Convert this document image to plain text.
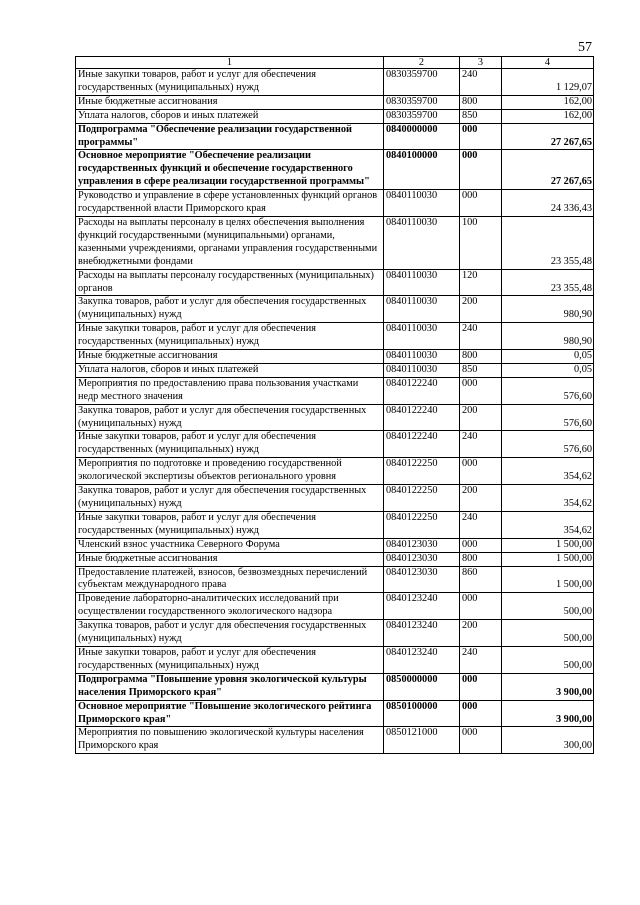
57
1	2	3	4
Иные закупки товаров, работ и услуг для обеспечения государственных (муниципальных) нужд	0830359700	240	1 129,07
Иные бюджетные ассигнования	0830359700	800	162,00
Уплата налогов, сборов и иных платежей	0830359700	850	162,00
Подпрограмма "Обеспечение реализации государственной программы"	0840000000	000	27 267,65
Основное мероприятие "Обеспечение реализации государственных функций и обеспечение государственного управления в сфере реализации государственной программы"	0840100000	000	27 267,65
Руководство и управление в сфере установленных функций органов государственной власти Приморского края	0840110030	000	24 336,43
Расходы на выплаты персоналу в целях обеспечения выполнения функций государственными (муниципальными) органами, казенными учреждениями, органами управления государственными внебюджетными фондами	0840110030	100	23 355,48
Расходы на выплаты персоналу государственных (муниципальных) органов	0840110030	120	23 355,48
Закупка товаров, работ и услуг для обеспечения государственных (муниципальных) нужд	0840110030	200	980,90
Иные закупки товаров, работ и услуг для обеспечения государственных (муниципальных) нужд	0840110030	240	980,90
Иные бюджетные ассигнования	0840110030	800	0,05
Уплата налогов, сборов и иных платежей	0840110030	850	0,05
Мероприятия по предоставлению права пользования участками недр местного значения	0840122240	000	576,60
Закупка товаров, работ и услуг для обеспечения государственных (муниципальных) нужд	0840122240	200	576,60
Иные закупки товаров, работ и услуг для обеспечения государственных (муниципальных) нужд	0840122240	240	576,60
Мероприятия по подготовке и проведению государственной экологической экспертизы объектов регионального уровня	0840122250	000	354,62
Закупка товаров, работ и услуг для обеспечения государственных (муниципальных) нужд	0840122250	200	354,62
Иные закупки товаров, работ и услуг для обеспечения государственных (муниципальных) нужд	0840122250	240	354,62
Членский взнос участника Северного Форума	0840123030	000	1 500,00
Иные бюджетные ассигнования	0840123030	800	1 500,00
Предоставление платежей, взносов, безвозмездных перечислений субъектам международного права	0840123030	860	1 500,00
Проведение лабораторно-аналитических исследований при осуществлении государственного экологического надзора	0840123240	000	500,00
Закупка товаров, работ и услуг для обеспечения государственных (муниципальных) нужд	0840123240	200	500,00
Иные закупки товаров, работ и услуг для обеспечения государственных (муниципальных) нужд	0840123240	240	500,00
Подпрограмма "Повышение уровня экологической культуры населения Приморского края"	0850000000	000	3 900,00
Основное мероприятие "Повышение экологического рейтинга Приморского края"	0850100000	000	3 900,00
Мероприятия по повышению экологической культуры населения Приморского края	0850121000	000	300,00
